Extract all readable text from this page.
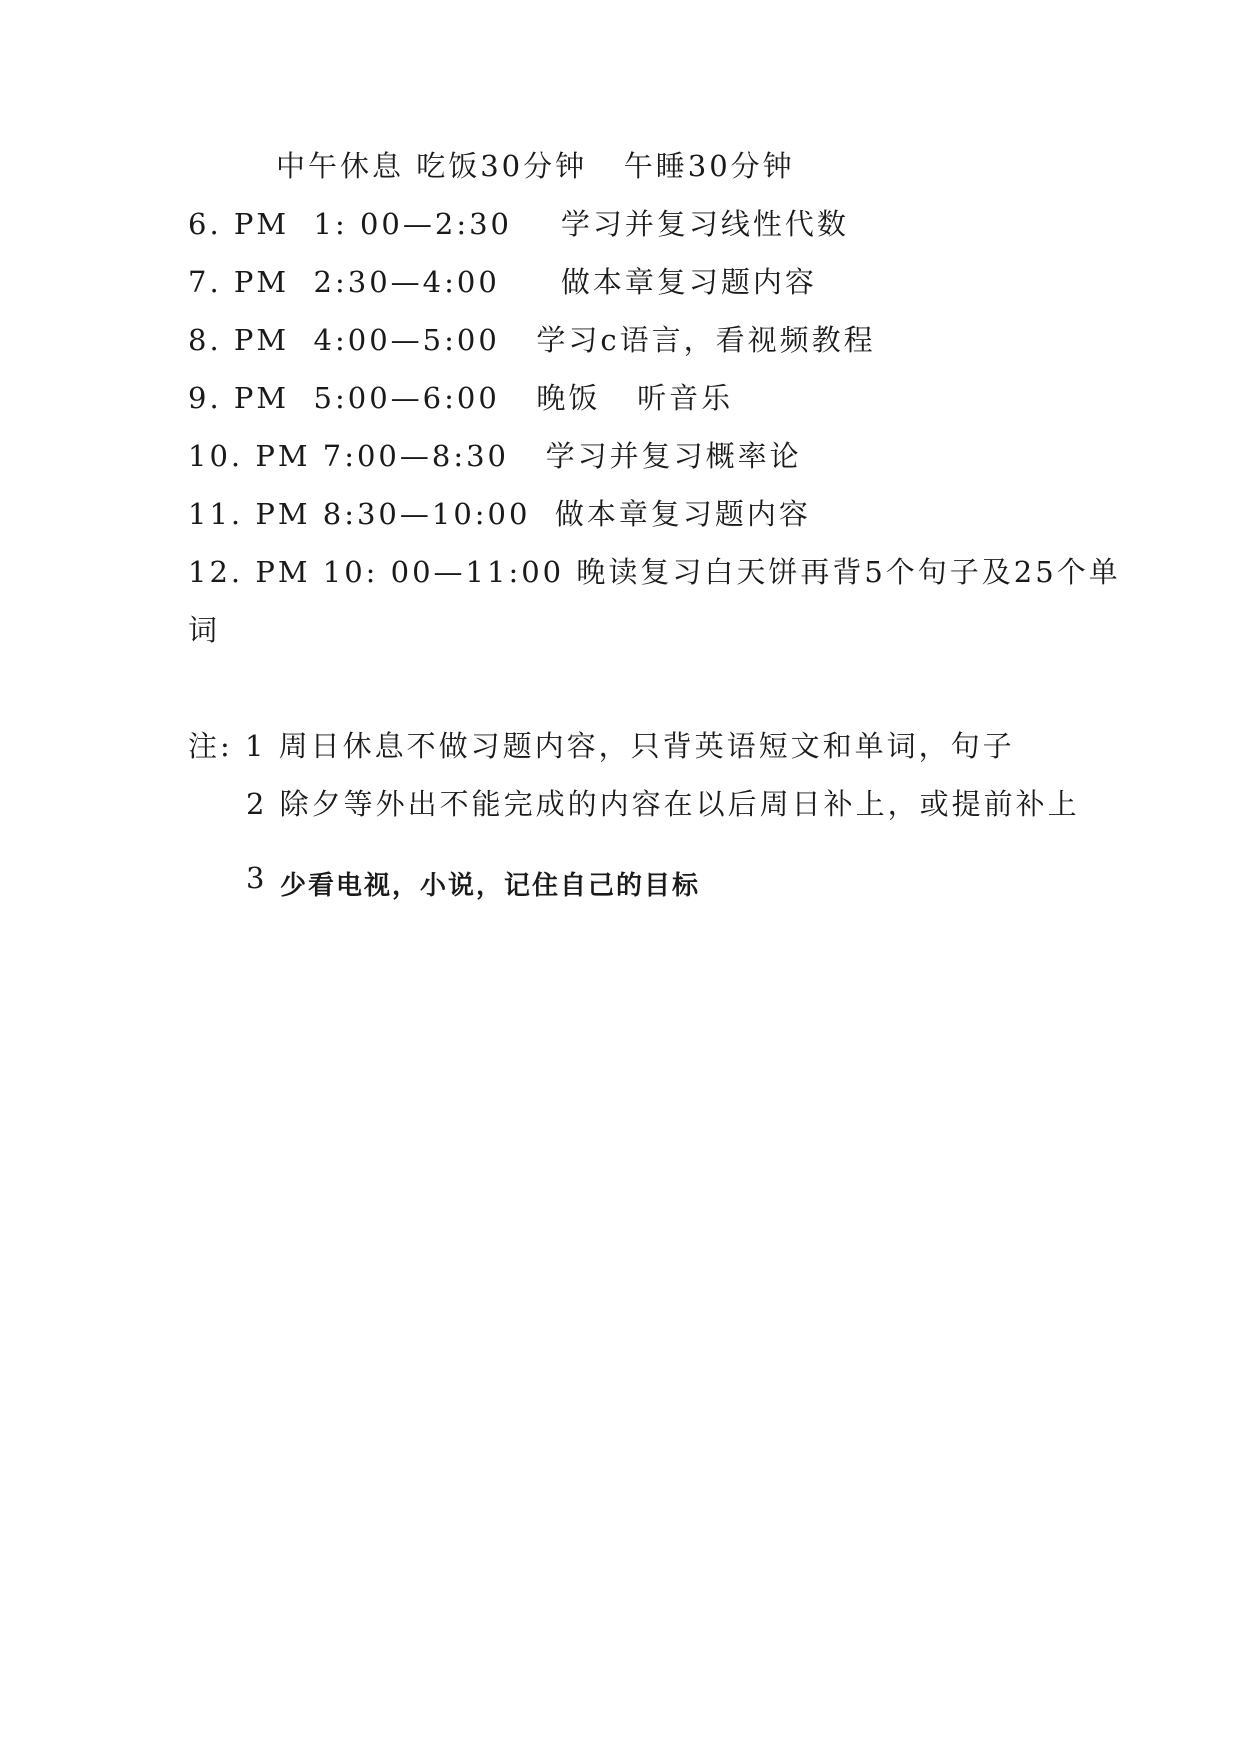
中午休息 吃饭30分钟   午睡30分钟
6. PM  1: 00—2:30    学习并复习线性代数
7. PM  2:30—4:00     做本章复习题内容
8. PM  4:00—5:00   学习c语言，看视频教程
9. PM  5:00—6:00   晚饭   听音乐
10. PM 7:00—8:30   学习并复习概率论
11. PM 8:30—10:00  做本章复习题内容
12. PM 10: 00—11:00 晚读复习白天饼再背5个句子及25个单
词
注: 1 周日休息不做习题内容，只背英语短文和单词，句子
2 除夕等外出不能完成的内容在以后周日补上，或提前补上
3 少看电视，小说，记住自己的目标
